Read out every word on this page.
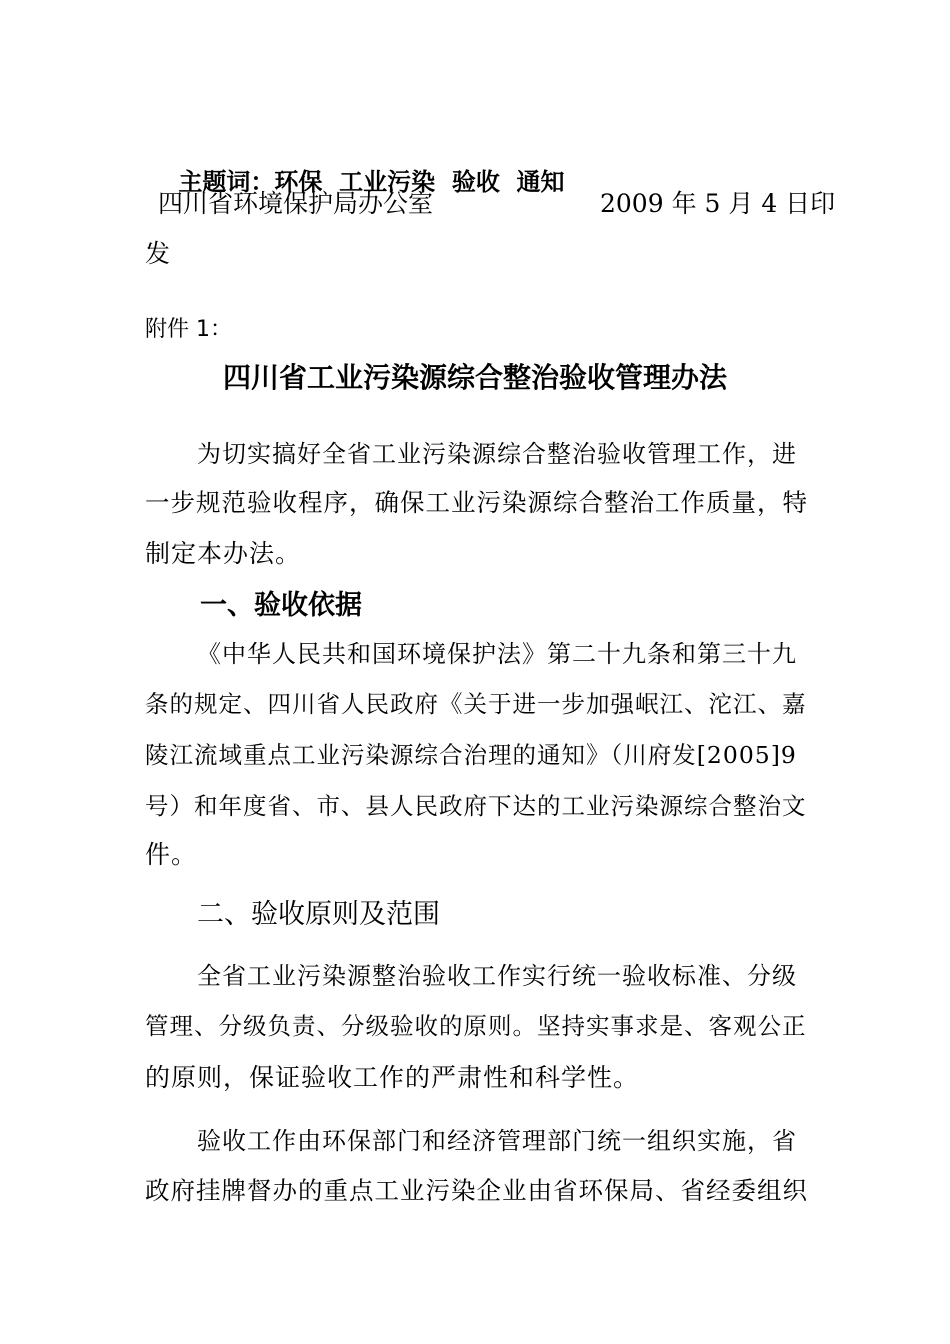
主题词：环保  工业污染  验收  通知

四川省环境保护局办公室	2009 年 5 月 4 日印
发
附件 1：
四川省工业污染源综合整治验收管理办法
为切实搞好全省工业污染源综合整治验收管理工作，进
一步规范验收程序，确保工业污染源综合整治工作质量，特
制定本办法。
一、验收依据
《中华人民共和国环境保护法》第二十九条和第三十九
条的规定、四川省人民政府《关于进一步加强岷江、沱江、嘉
陵江流域重点工业污染源综合治理的通知》（川府发[2005]9
号）和年度省、市、县人民政府下达的工业污染源综合整治文
件。
二、验收原则及范围
全省工业污染源整治验收工作实行统一验收标准、分级
管理、分级负责、分级验收的原则。坚持实事求是、客观公正
的原则，保证验收工作的严肃性和科学性。
验收工作由环保部门和经济管理部门统一组织实施，省
政府挂牌督办的重点工业污染企业由省环保局、省经委组织
